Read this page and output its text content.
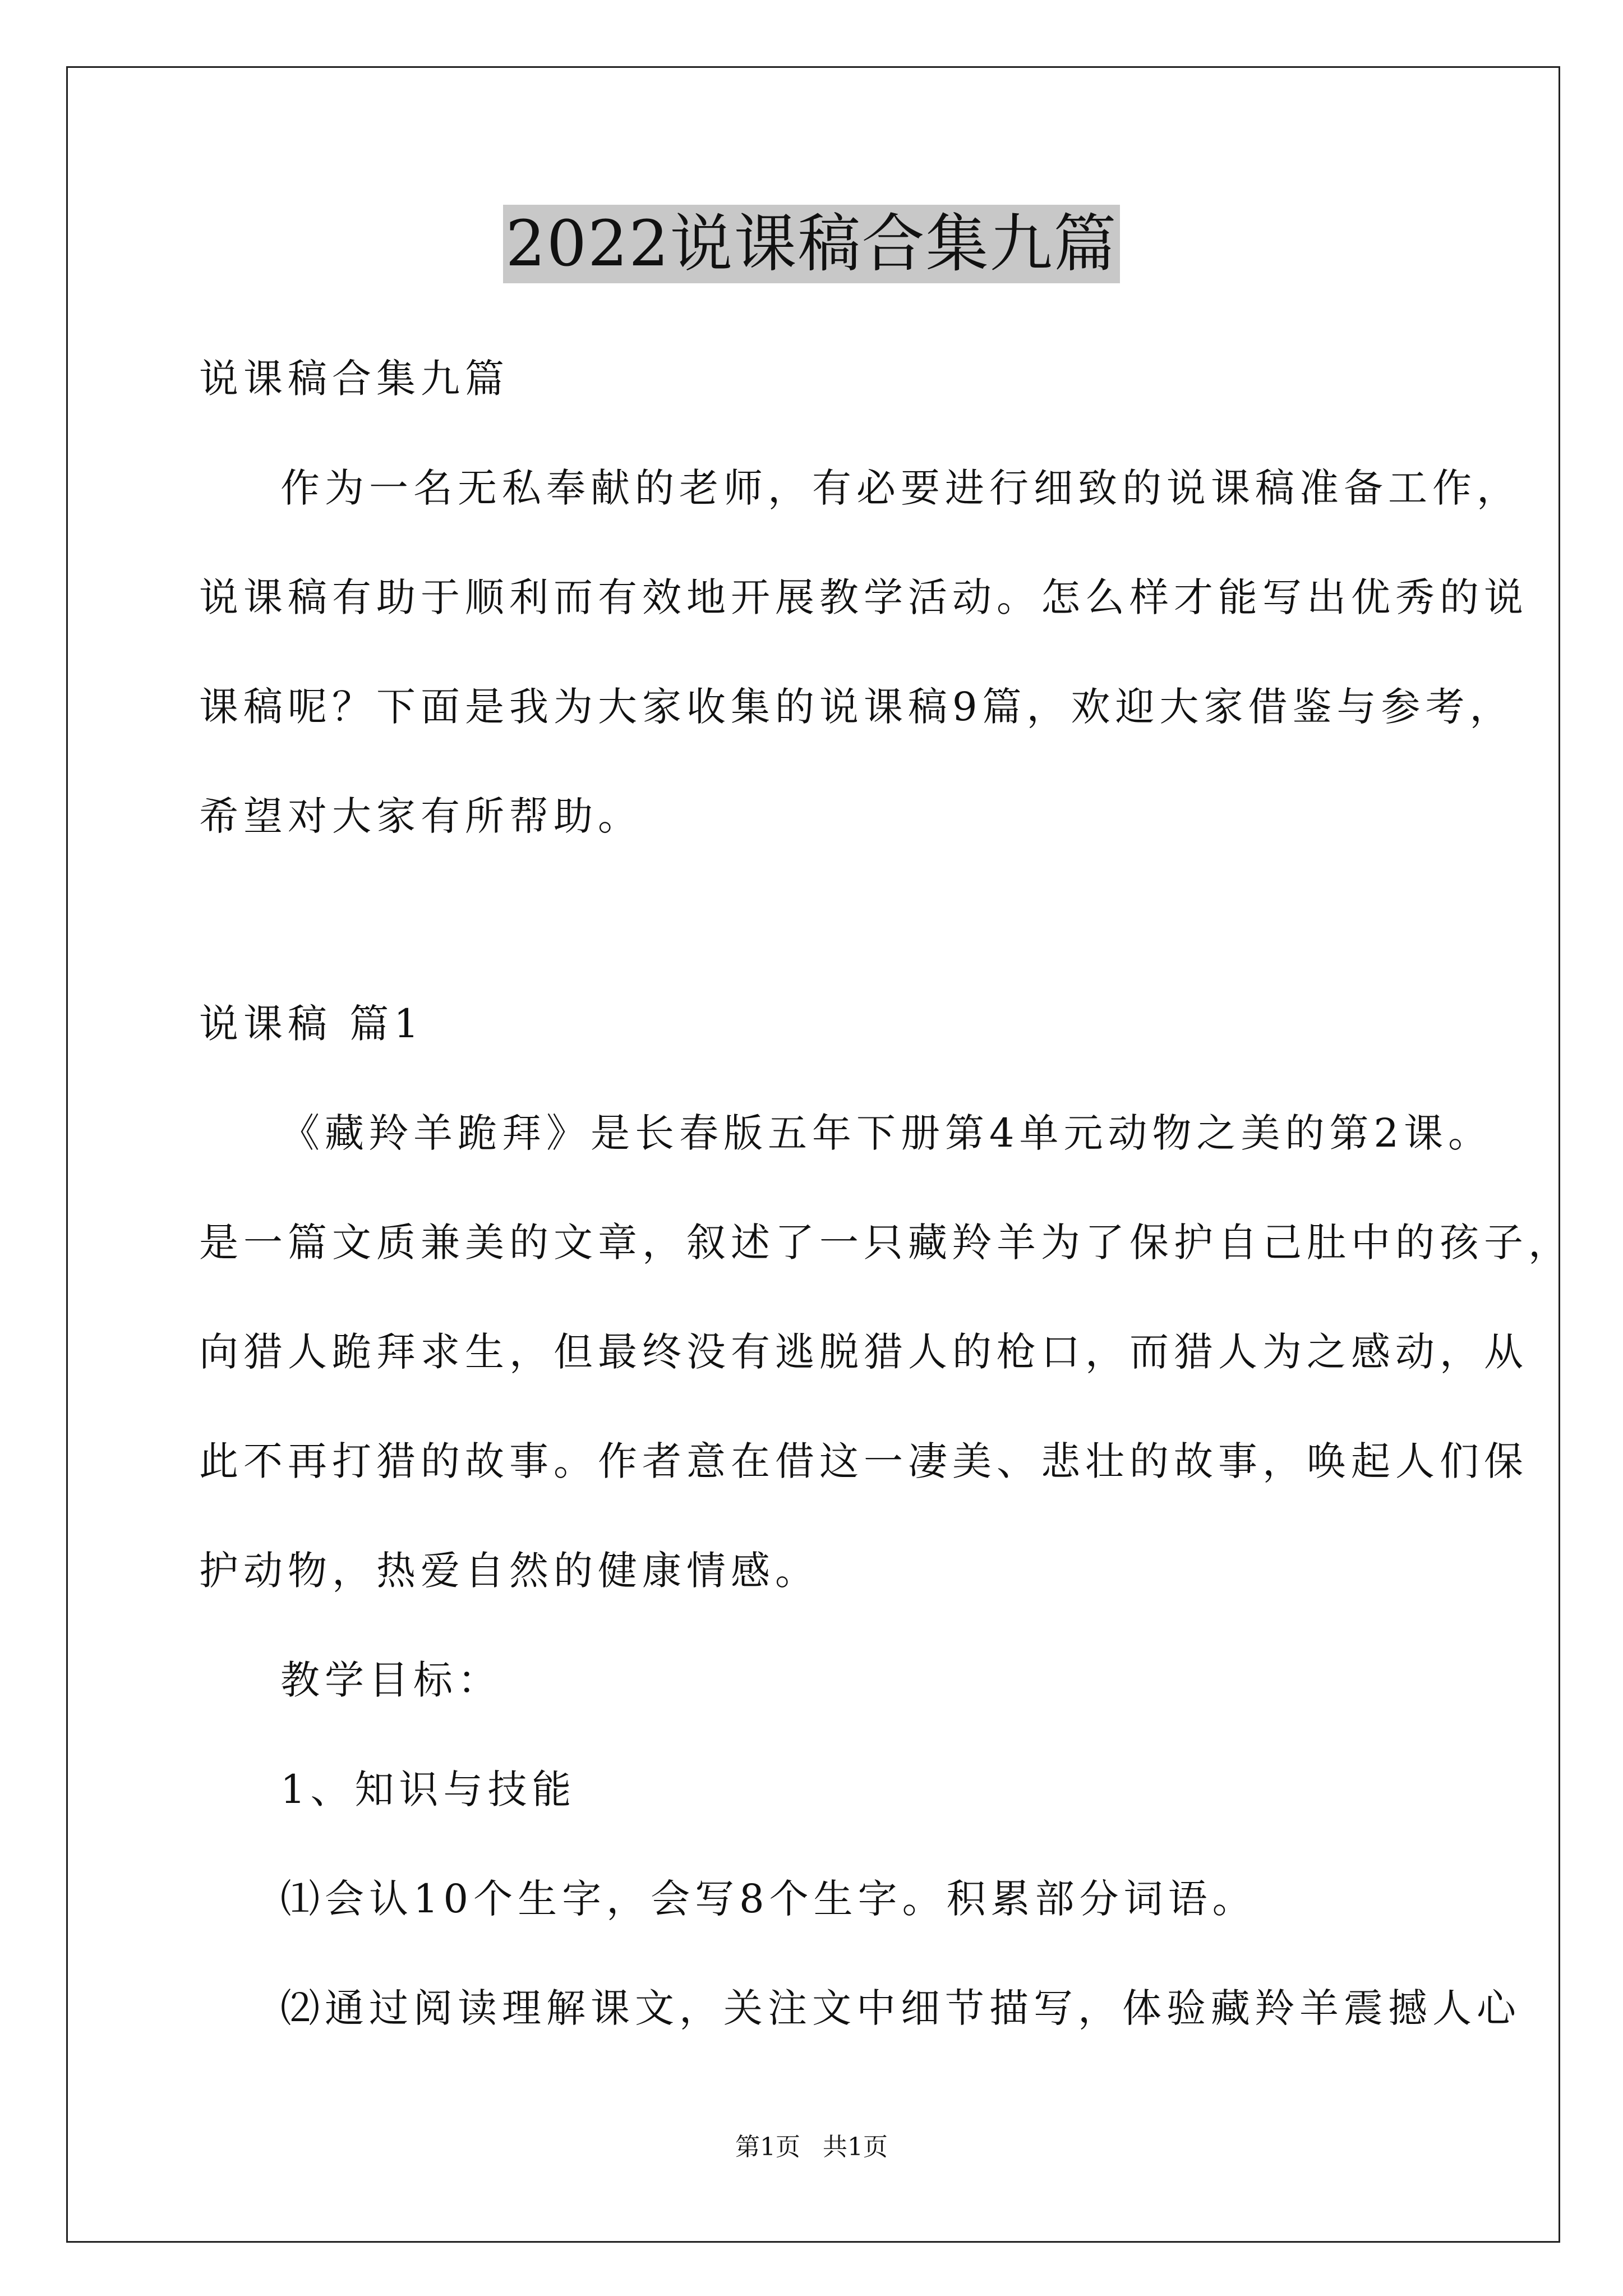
2022说课稿合集九篇
说课稿合集九篇
作为一名无私奉献的老师，有必要进行细致的说课稿准备工作，
说课稿有助于顺利而有效地开展教学活动。怎么样才能写出优秀的说
课稿呢？下面是我为大家收集的说课稿9篇，欢迎大家借鉴与参考，
希望对大家有所帮助。
说课稿 篇1
《藏羚羊跪拜》是长春版五年下册第4单元动物之美的第2课。
是一篇文质兼美的文章，叙述了一只藏羚羊为了保护自己肚中的孩子，
向猎人跪拜求生，但最终没有逃脱猎人的枪口，而猎人为之感动，从
此不再打猎的故事。作者意在借这一凄美、悲壮的故事，唤起人们保
护动物，热爱自然的健康情感。
教学目标：
1、知识与技能
⑴会认10个生字，会写8个生字。积累部分词语。
⑵通过阅读理解课文，关注文中细节描写，体验藏羚羊震撼人心
第1页 共1页
